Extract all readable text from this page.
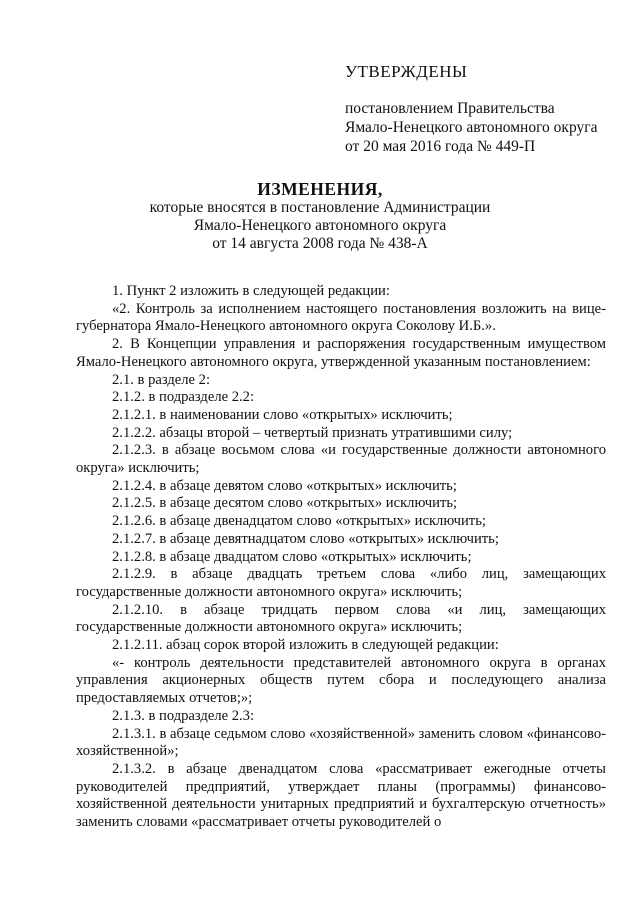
УТВЕРЖДЕНЫ
постановлением Правительства
Ямало-Ненецкого автономного округа
от 20 мая 2016 года № 449-П
ИЗМЕНЕНИЯ,
которые вносятся в постановление Администрации
Ямало-Ненецкого автономного округа
от 14 августа 2008 года № 438-А

1. Пункт 2 изложить в следующей редакции:

«2. Контроль за исполнением настоящего постановления возложить на вице-губернатора Ямало-Ненецкого автономного округа Соколову И.Б.».

2. В Концепции управления и распоряжения государственным имуществом Ямало-Ненецкого автономного округа, утвержденной указанным постановлением:

2.1. в разделе 2:

2.1.2. в подразделе 2.2:

2.1.2.1. в наименовании слово «открытых» исключить;

2.1.2.2. абзацы второй – четвертый признать утратившими силу;

2.1.2.3. в абзаце восьмом слова «и государственные должности автономного округа» исключить;

2.1.2.4. в абзаце девятом слово «открытых» исключить;

2.1.2.5. в абзаце десятом слово «открытых» исключить;

2.1.2.6. в абзаце двенадцатом слово «открытых» исключить;

2.1.2.7. в абзаце девятнадцатом слово «открытых» исключить;

2.1.2.8. в абзаце двадцатом слово «открытых» исключить;

2.1.2.9. в абзаце двадцать третьем слова «либо лиц, замещающих государственные должности автономного округа» исключить;

2.1.2.10. в абзаце тридцать первом слова «и лиц, замещающих государственные должности автономного округа» исключить;

2.1.2.11. абзац сорок второй изложить в следующей редакции:

«- контроль деятельности представителей автономного округа в органах управления акционерных обществ путем сбора и последующего анализа предоставляемых отчетов;»;

2.1.3. в подразделе 2.3:

2.1.3.1. в абзаце седьмом слово «хозяйственной» заменить словом «финансово-хозяйственной»;

2.1.3.2. в абзаце двенадцатом слова «рассматривает ежегодные отчеты руководителей предприятий, утверждает планы (программы) финансово-хозяйственной деятельности унитарных предприятий и бухгалтерскую отчетность» заменить словами «рассматривает отчеты руководителей о
